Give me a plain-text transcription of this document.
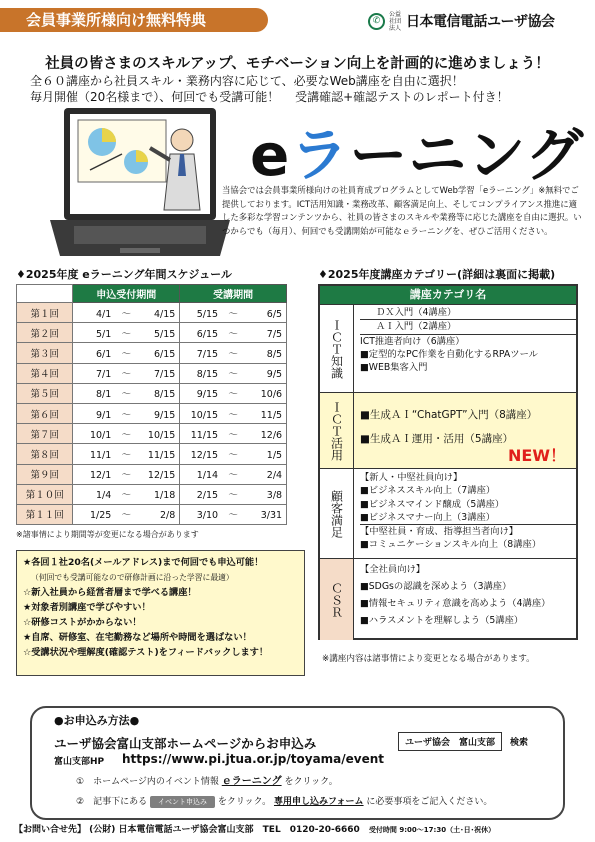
会員事業所様向け無料特典	✆
公益 社団法人 日本電信電話ユーザ協会
社員の皆さまのスキルアップ、モチベーション向上を計画的に進めましょう！
全６０講座から社員スキル・業務内容に応じて、必要なWeb講座を自由に選択！
毎月開催（20名様まで）、何回でも受講可能！　 受講確認+確認テストのレポート付き！
eラーニング
当協会では会員事業所様向けの社員育成プログラムとしてWeb学習「eラーニング」※無料でご提供しております。ICT活用知識・業務改革、顧客満足向上、そしてコンプライアンス推進に適した多彩な学習コンテンツから、社員の皆さまのスキルや業務等に応じた講座を自由に選択。いつからでも（毎月）、何回でも受講開始が可能なｅラーニングを、ぜひご活用ください。
♦2025年度 eラーニング年間スケジュール
	申込受付期間	受講期間
第１回	4/1 ～ 4/15	5/15 ～ 6/5
第２回	5/1 ～ 5/15	6/15 ～ 7/5
第３回	6/1 ～ 6/15	7/15 ～ 8/5
第４回	7/1 ～ 7/15	8/15 ～ 9/5
第５回	8/1 ～ 8/15	9/15 ～ 10/6
第６回	9/1 ～ 9/15	10/15 ～ 11/5
第７回	10/1 ～ 10/15	11/15 ～ 12/6
第８回	11/1 ～ 11/15	12/15 ～ 1/5
第９回	12/1 ～ 12/15	1/14 ～ 2/4
第１０回	1/4 ～ 1/18	2/15 ～ 3/8
第１１回	1/25 ～ 2/8	3/10 ～ 3/31
※諸事情により期間等が変更になる場合があります
♦2025年度講座カテゴリー(詳細は裏面に掲載)
講座カテゴリ名
ＩＣＴ知識
ＤＸ入門（4講座）
ＡＩ入門（2講座）
ICT推進者向け（6講座）
■定型的なPC作業を自動化するRPAツール
■WEB集客入門
ＩＣＴ活用 ■生成ＡＩ“ChatGPT”入門（8講座）
■生成ＡＩ運用・活用（5講座）
NEW！
顧客満足
【新人・中堅社員向け】
■ビジネススキル向上（7講座）
■ビジネスマインド醸成（5講座）
■ビジネスマナー向上（3講座）
【中堅社員・育成、指導担当者向け】
■コミュニケーションスキル向上（8講座）
ＣＳＲ
【全社員向け】
■SDGsの認識を深めよう（3講座）
■情報セキュリティ意識を高めよう（4講座）
■ハラスメントを理解しよう（5講座）
※講座内容は諸事情により変更となる場合があります。
★各回１社20名(メールアドレス)まで何回でも申込可能！
（何回でも受講可能なので研修計画に沿った学習に最適）
☆新入社員から経営者層まで学べる講座！
★対象者別講座で学びやすい！
☆研修コストがかからない！
★自席、研修室、在宅勤務など場所や時間を選ばない！
☆受講状況や理解度(確認テスト)をフィードバックします！
●お申込み方法●
ユーザ協会富山支部ホームページからお申込み	ユーザ協会　富山支部	検索
富山支部HP https://www.pi.jtua.or.jp/toyama/event
①　ホームページ内のイベント情報 ｅラーニング をクリック。
②　記事下にある イベント申込み をクリック。 専用申し込みフォーム に必要事項をご記入ください。
【お問い合せ先】 (公財) 日本電信電話ユーザ協会富山支部 TEL　0120-20-6660 受付時間 9:00～17:30（土･日･祝休）
